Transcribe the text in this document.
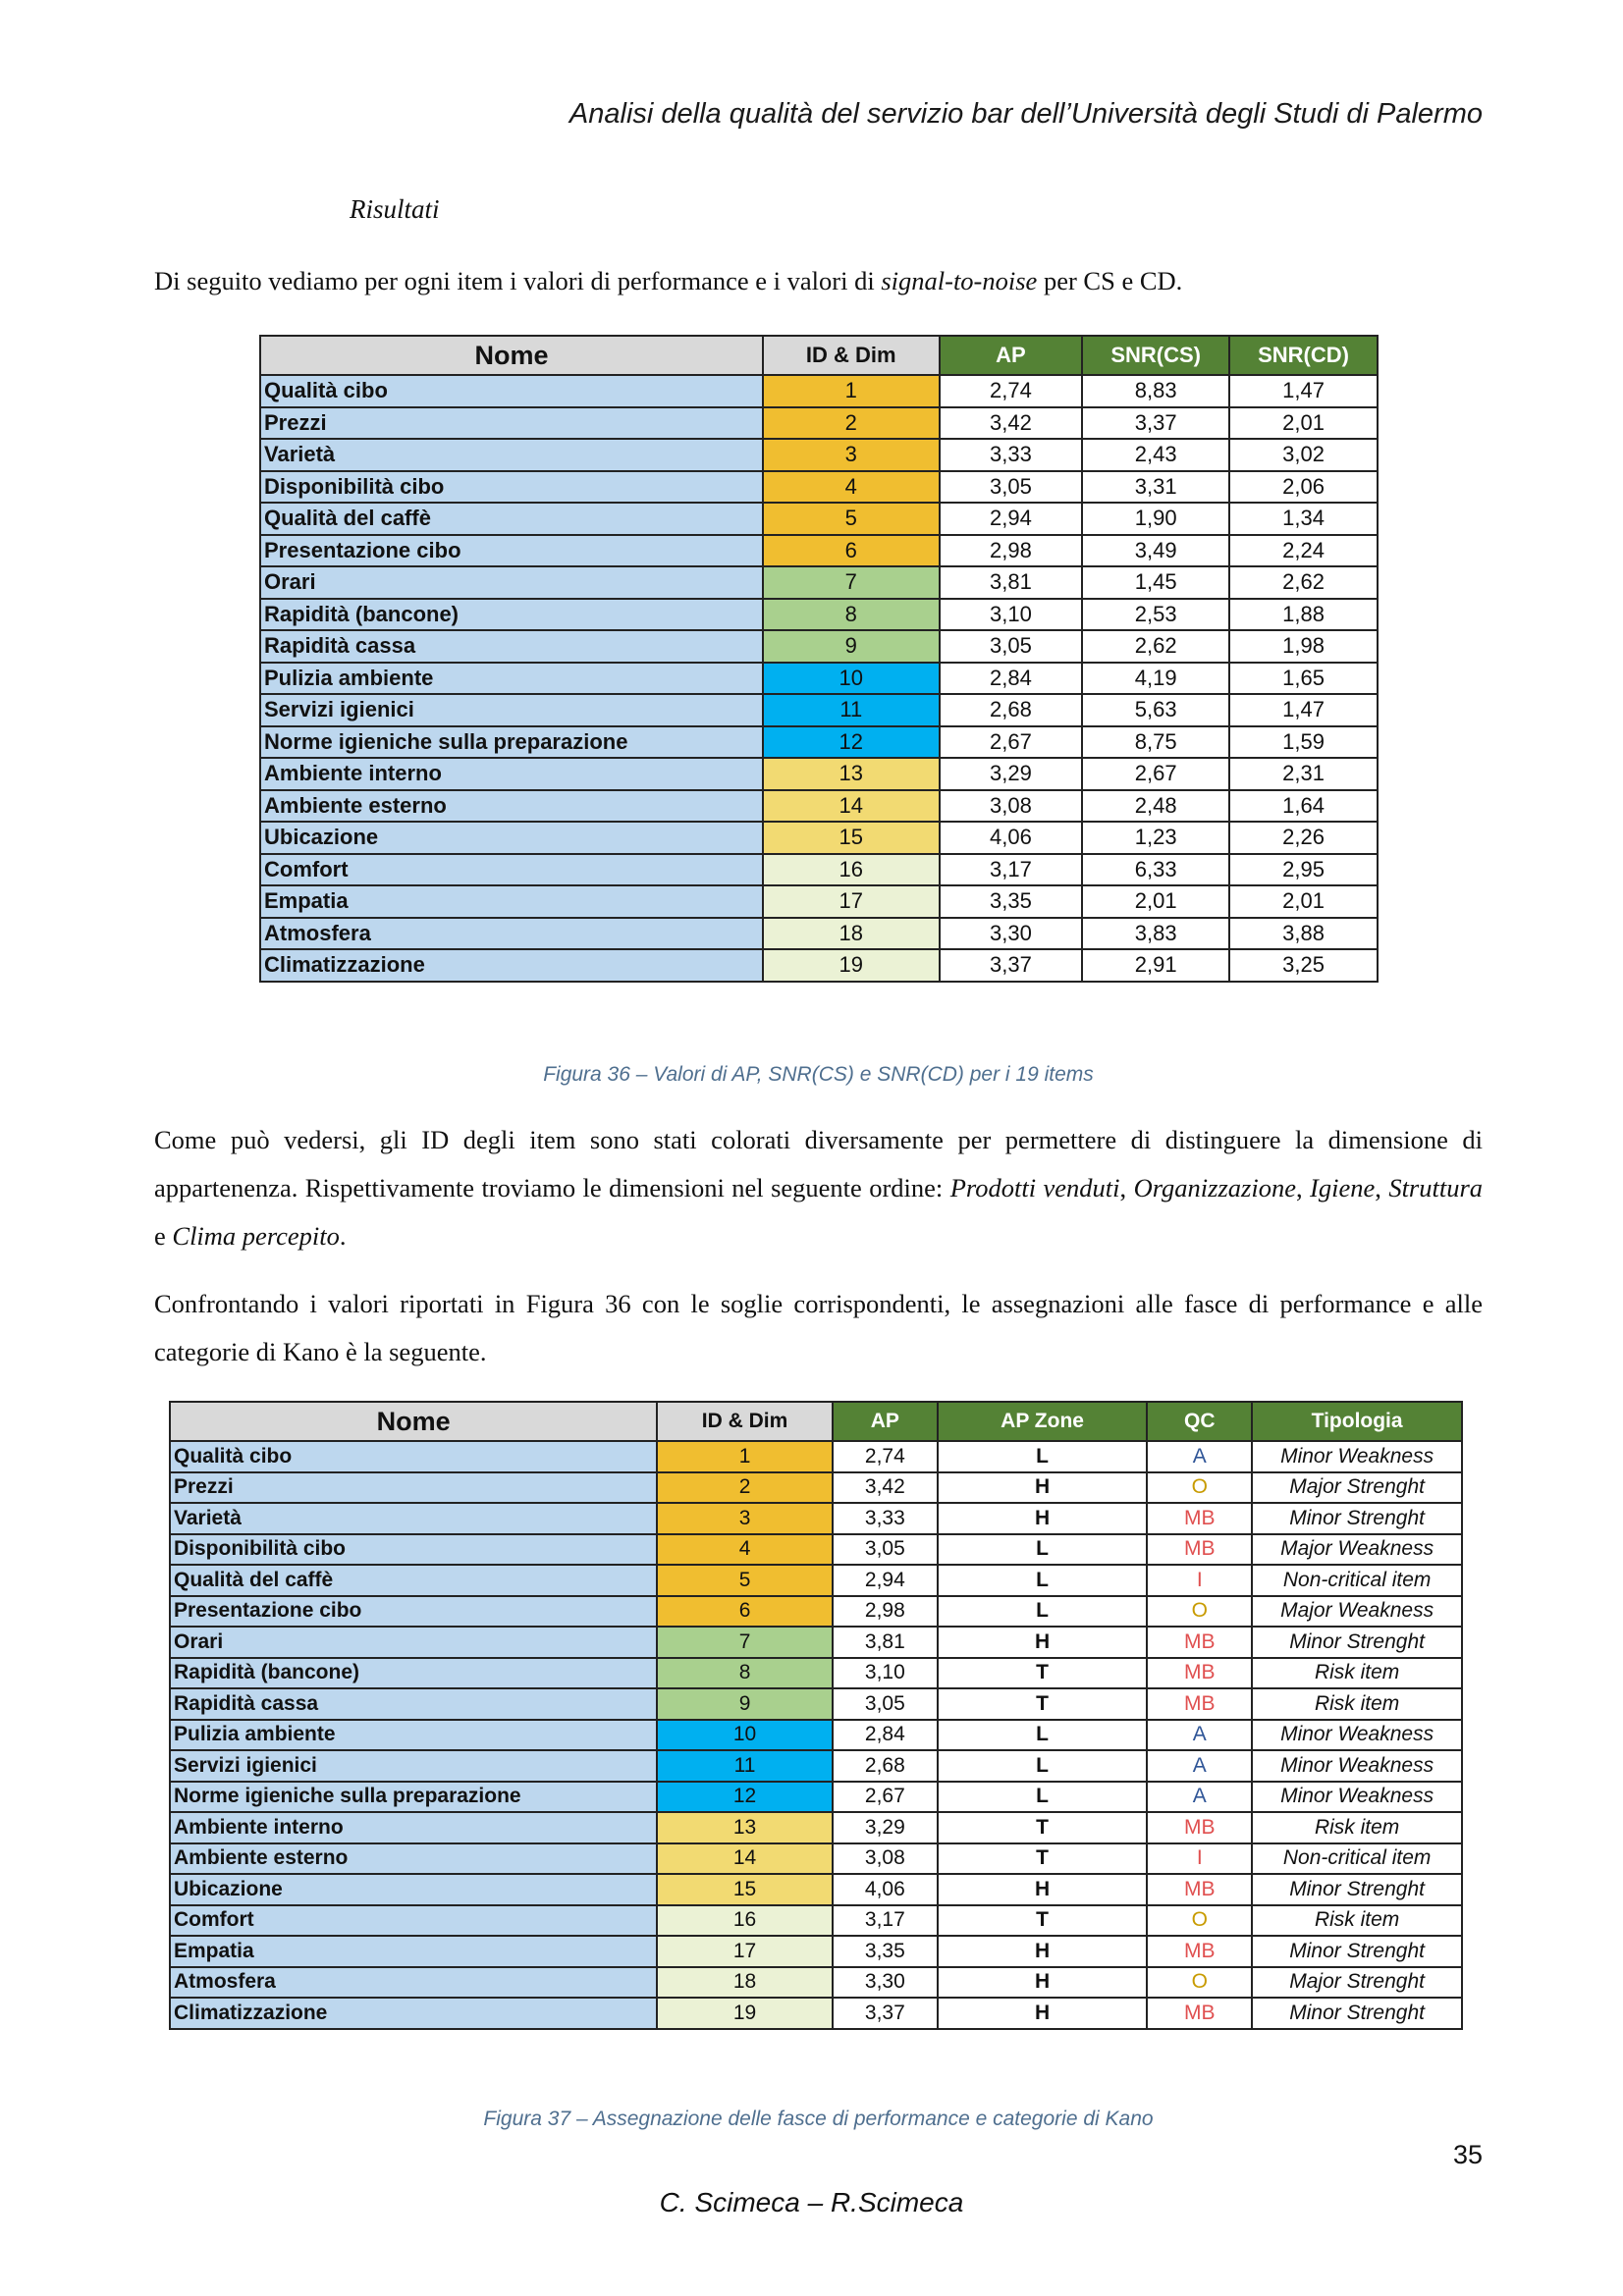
Analisi della qualità del servizio bar dell’Università degli Studi di Palermo
Risultati
Di seguito vediamo per ogni item i valori di performance e i valori di signal-to-noise per CS e CD.
Nome	ID & Dim	AP	SNR(CS)	SNR(CD)
Qualità cibo	1	2,74	8,83	1,47
Prezzi	2	3,42	3,37	2,01
Varietà	3	3,33	2,43	3,02
Disponibilità cibo	4	3,05	3,31	2,06
Qualità del caffè	5	2,94	1,90	1,34
Presentazione cibo	6	2,98	3,49	2,24
Orari	7	3,81	1,45	2,62
Rapidità (bancone)	8	3,10	2,53	1,88
Rapidità cassa	9	3,05	2,62	1,98
Pulizia ambiente	10	2,84	4,19	1,65
Servizi igienici	11	2,68	5,63	1,47
Norme igieniche sulla preparazione	12	2,67	8,75	1,59
Ambiente interno	13	3,29	2,67	2,31
Ambiente esterno	14	3,08	2,48	1,64
Ubicazione	15	4,06	1,23	2,26
Comfort	16	3,17	6,33	2,95
Empatia	17	3,35	2,01	2,01
Atmosfera	18	3,30	3,83	3,88
Climatizzazione	19	3,37	2,91	3,25
Figura 36 – Valori di AP, SNR(CS) e SNR(CD) per i 19 items
Come può vedersi, gli ID degli item sono stati colorati diversamente per permettere di distinguere la dimensione di appartenenza. Rispettivamente troviamo le dimensioni nel seguente ordine: Prodotti venduti, Organizzazione, Igiene, Struttura e Clima percepito.
Confrontando i valori riportati in Figura 36 con le soglie corrispondenti, le assegnazioni alle fasce di performance e alle categorie di Kano è la seguente.
Nome	ID & Dim	AP	AP Zone	QC	Tipologia
Qualità cibo	1	2,74	L	A	Minor Weakness
Prezzi	2	3,42	H	O	Major Strenght
Varietà	3	3,33	H	MB	Minor Strenght
Disponibilità cibo	4	3,05	L	MB	Major Weakness
Qualità del caffè	5	2,94	L	I	Non-critical item
Presentazione cibo	6	2,98	L	O	Major Weakness
Orari	7	3,81	H	MB	Minor Strenght
Rapidità (bancone)	8	3,10	T	MB	Risk item
Rapidità cassa	9	3,05	T	MB	Risk item
Pulizia ambiente	10	2,84	L	A	Minor Weakness
Servizi igienici	11	2,68	L	A	Minor Weakness
Norme igieniche sulla preparazione	12	2,67	L	A	Minor Weakness
Ambiente interno	13	3,29	T	MB	Risk item
Ambiente esterno	14	3,08	T	I	Non-critical item
Ubicazione	15	4,06	H	MB	Minor Strenght
Comfort	16	3,17	T	O	Risk item
Empatia	17	3,35	H	MB	Minor Strenght
Atmosfera	18	3,30	H	O	Major Strenght
Climatizzazione	19	3,37	H	MB	Minor Strenght
Figura 37 – Assegnazione delle fasce di performance e categorie di Kano
35
C. Scimeca – R.Scimeca
